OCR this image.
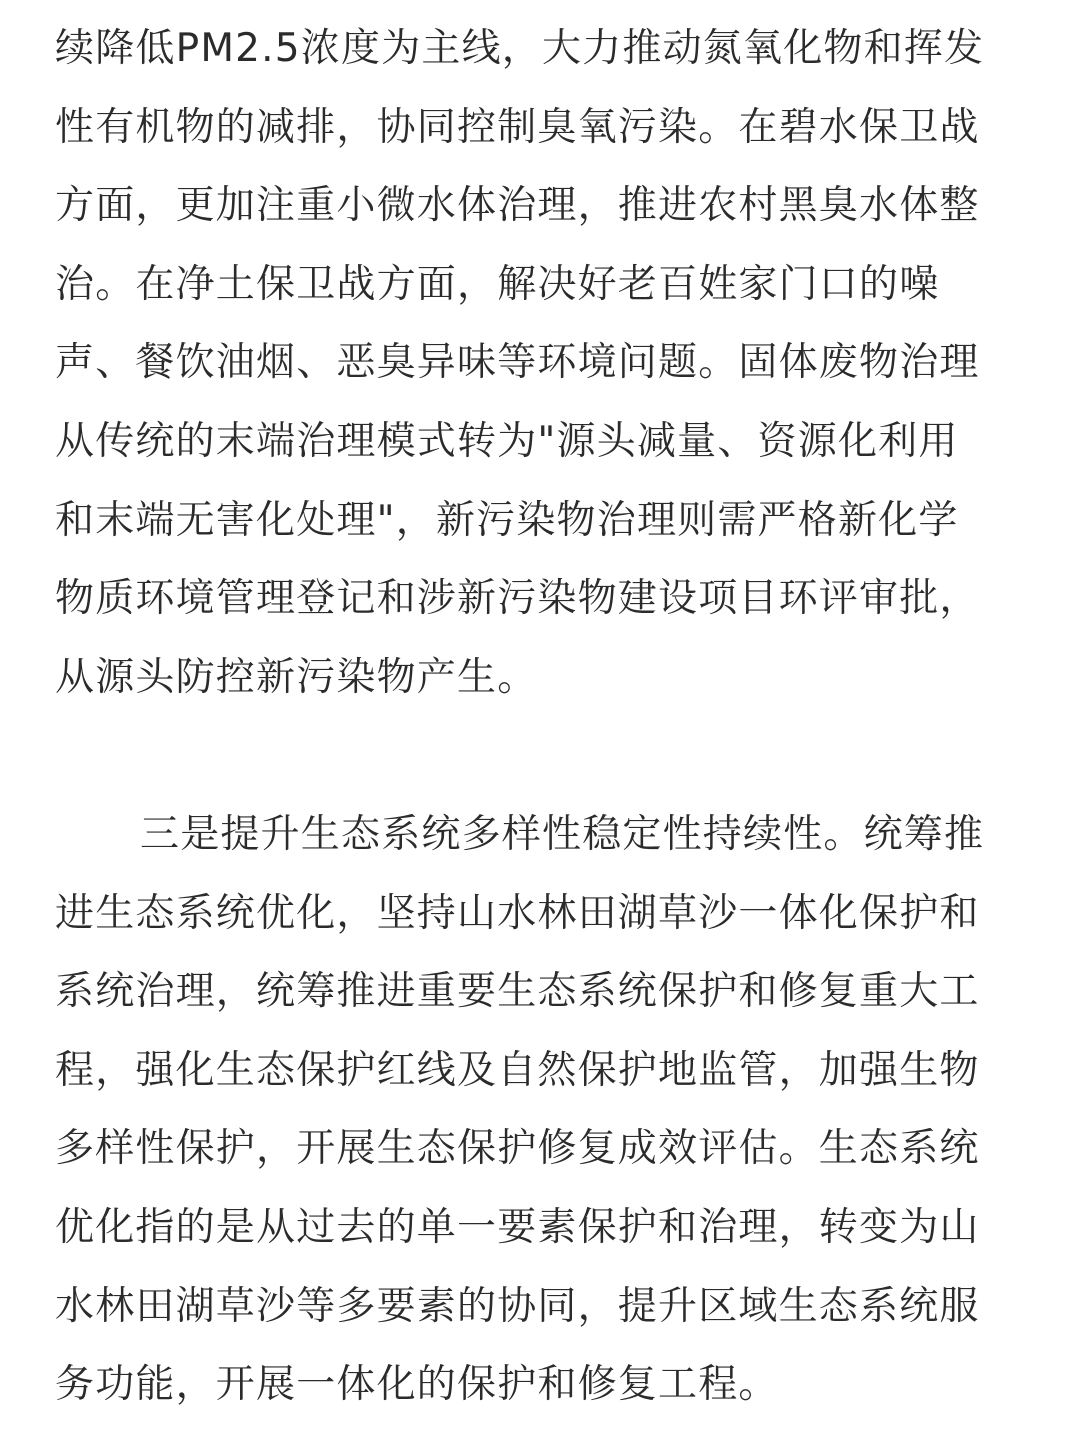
续降低PM2.5浓度为主线，大力推动氮氧化物和挥发
性有机物的减排，协同控制臭氧污染。在碧水保卫战
方面，更加注重小微水体治理，推进农村黑臭水体整
治。在净土保卫战方面，解决好老百姓家门口的噪
声、餐饮油烟、恶臭异味等环境问题。固体废物治理
从传统的末端治理模式转为"源头减量、资源化利用
和末端无害化处理"，新污染物治理则需严格新化学
物质环境管理登记和涉新污染物建设项目环评审批，
从源头防控新污染物产生。
三是提升生态系统多样性稳定性持续性。统筹推
进生态系统优化，坚持山水林田湖草沙一体化保护和
系统治理，统筹推进重要生态系统保护和修复重大工
程，强化生态保护红线及自然保护地监管，加强生物
多样性保护，开展生态保护修复成效评估。生态系统
优化指的是从过去的单一要素保护和治理，转变为山
水林田湖草沙等多要素的协同，提升区域生态系统服
务功能，开展一体化的保护和修复工程。
